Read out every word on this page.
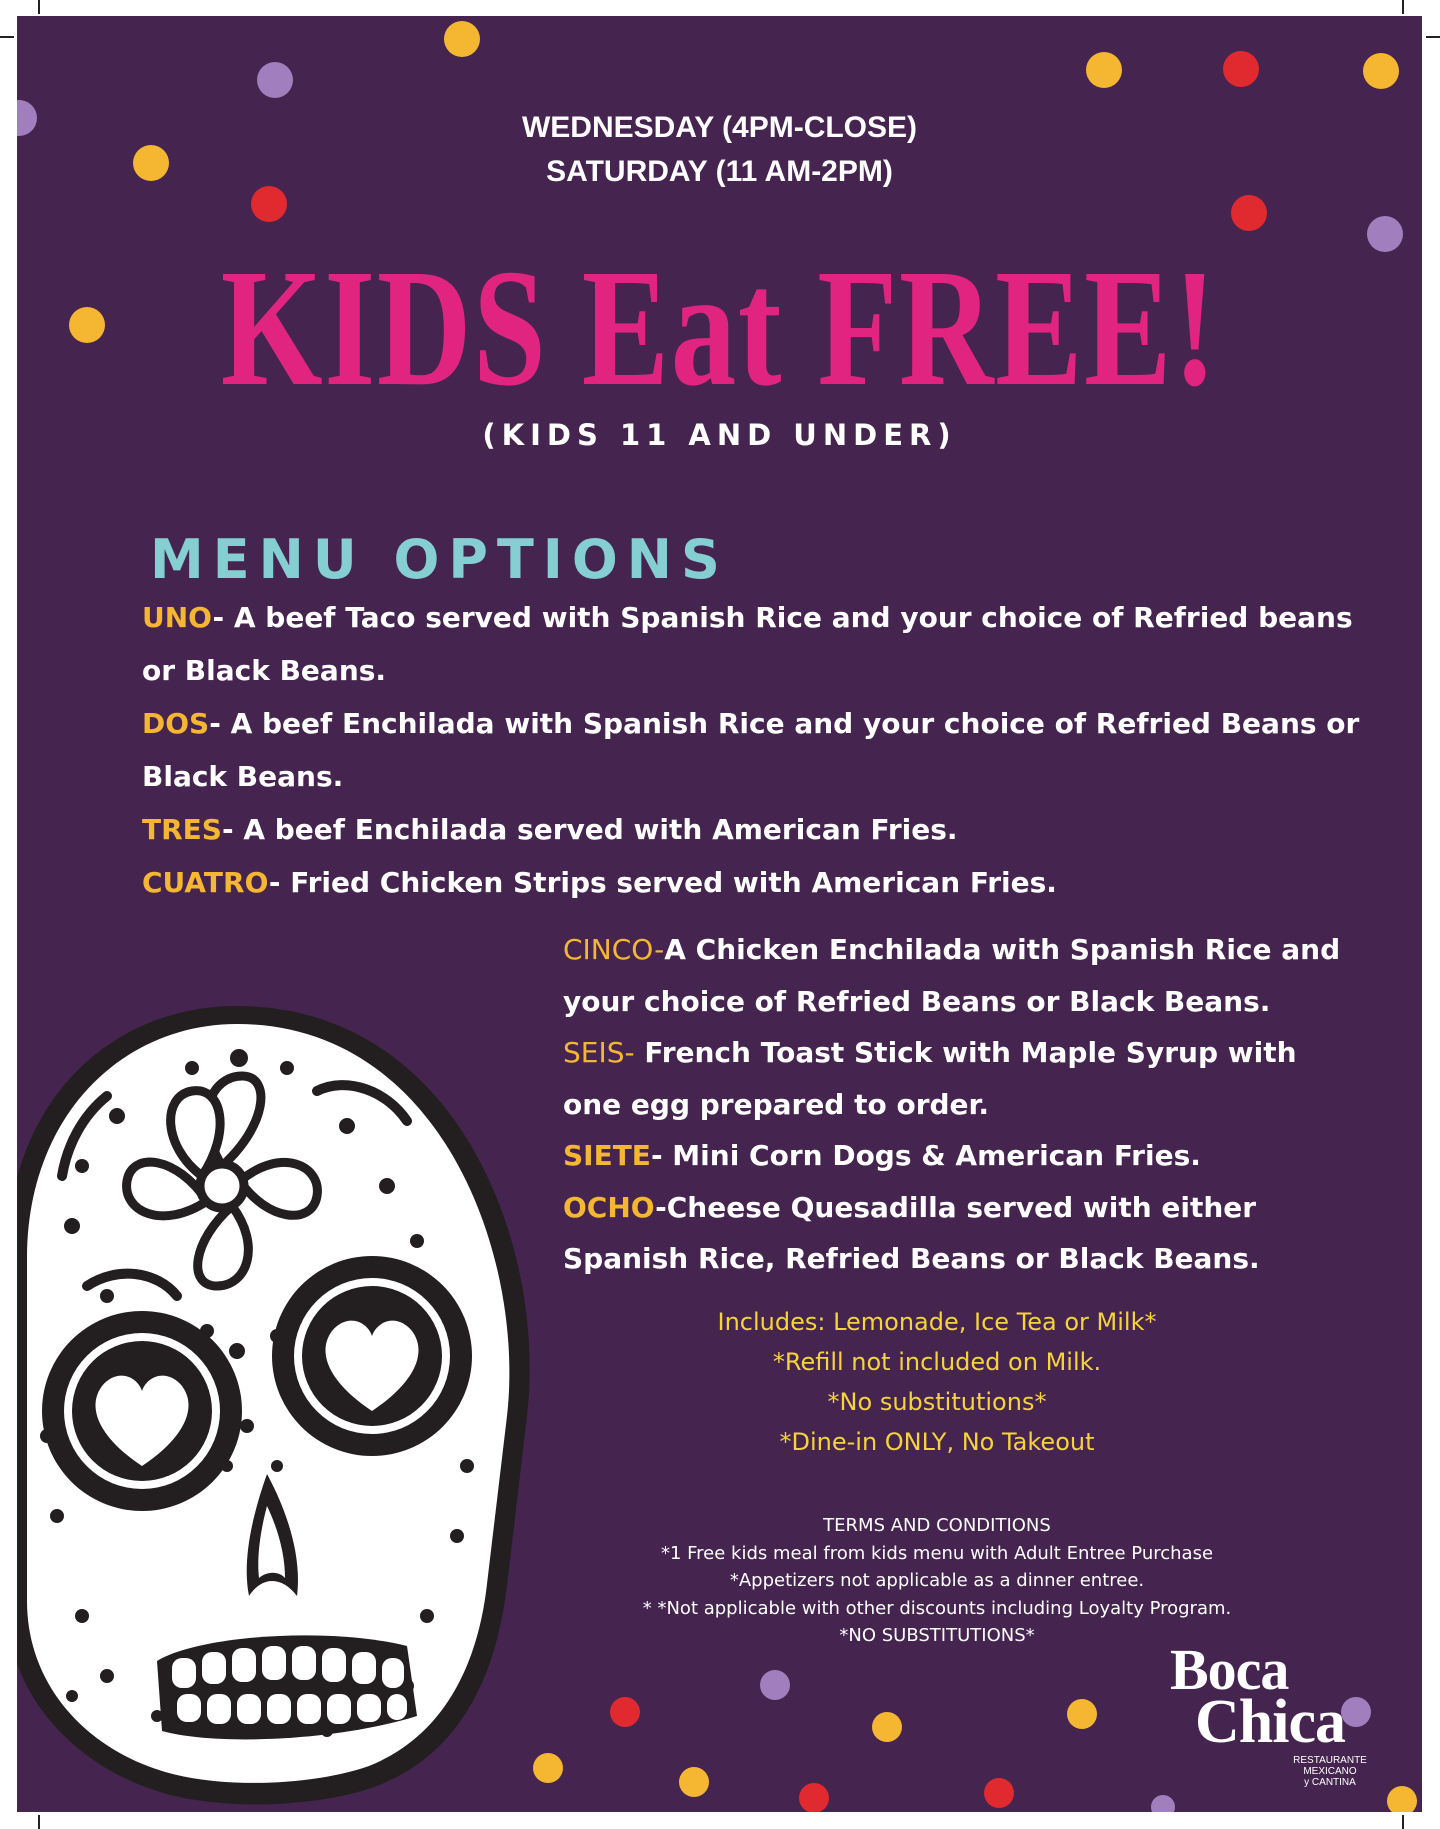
WEDNESDAY (4PM-CLOSE)
SATURDAY (11 AM-2PM)
KIDS Eat FREE!
(KIDS 11 AND UNDER)
MENU OPTIONS

UNO- A beef Taco served with Spanish Rice and your choice of Refried beans or Black Beans.

DOS- A beef Enchilada with Spanish Rice and your choice of Refried Beans or Black Beans.

TRES- A beef Enchilada served with American Fries.

CUATRO- Fried Chicken Strips served with American Fries.

CINCO-A Chicken Enchilada with Spanish Rice and your choice of Refried Beans or Black Beans.

SEIS- French Toast Stick with Maple Syrup with one egg prepared to order.

SIETE- Mini Corn Dogs & American Fries.

OCHO-Cheese Quesadilla served with either Spanish Rice, Refried Beans or Black Beans.

Includes: Lemonade, Ice Tea or Milk*
*Refill not included on Milk.
*No substitutions*
*Dine-in ONLY, No Takeout
TERMS AND CONDITIONS
*1 Free kids meal from kids menu with Adult Entree Purchase
*Appetizers not applicable as a dinner entree.
* *Not applicable with other discounts including Loyalty Program.
*NO SUBSTITUTIONS*
Boca
Chica
RESTAURANTE
MEXICANO
y CANTINA
